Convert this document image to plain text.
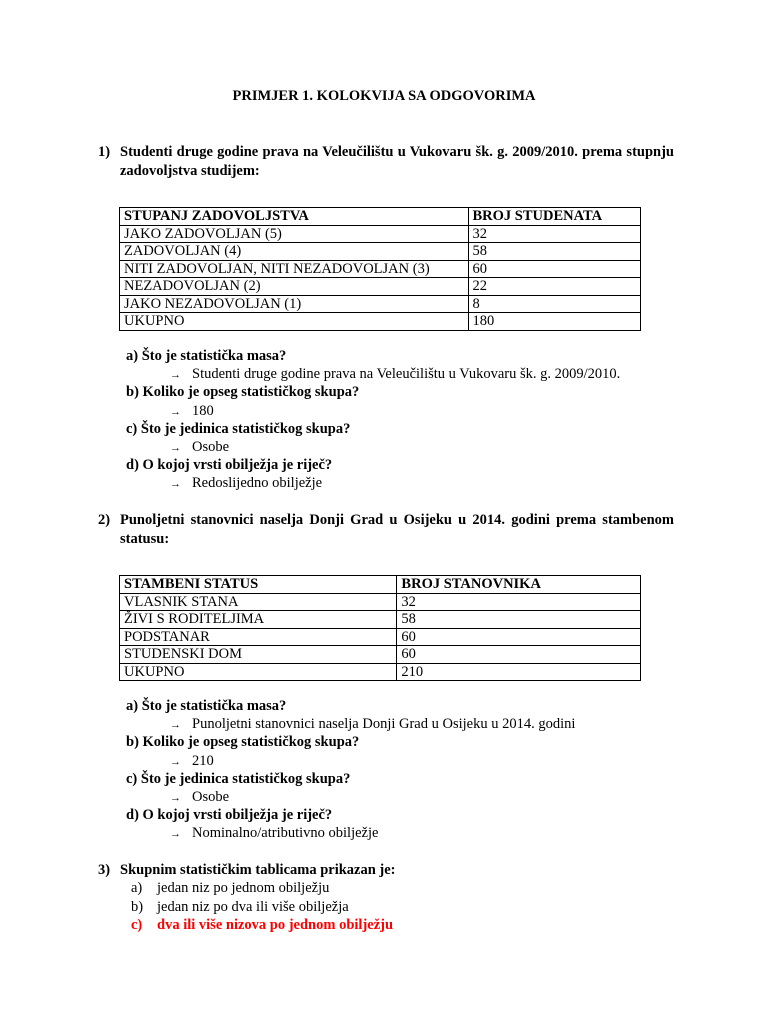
PRIMJER 1. KOLOKVIJA SA ODGOVORIMA
1) Studenti druge godine prava na Veleučilištu u Vukovaru šk. g. 2009/2010. prema stupnju zadovoljstva studijem:
STUPANJ ZADOVOLJSTVA	BROJ STUDENATA
JAKO ZADOVOLJAN (5)	32
ZADOVOLJAN (4)	58
NITI ZADOVOLJAN, NITI NEZADOVOLJAN (3)	60
NEZADOVOLJAN (2)	22
JAKO NEZADOVOLJAN (1)	8
UKUPNO	180
a) Što je statistička masa?
→ Studenti druge godine prava na Veleučilištu u Vukovaru šk. g. 2009/2010.
b) Koliko je opseg statističkog skupa?
→ 180
c) Što je jedinica statističkog skupa?
→ Osobe
d) O kojoj vrsti obilježja je riječ?
→ Redoslijedno obilježje
2) Punoljetni stanovnici naselja Donji Grad u Osijeku u 2014. godini prema stambenom statusu:
STAMBENI STATUS	BROJ STANOVNIKA
VLASNIK STANA	32
ŽIVI S RODITELJIMA	58
PODSTANAR	60
STUDENSKI DOM	60
UKUPNO	210
a) Što je statistička masa?
→ Punoljetni stanovnici naselja Donji Grad u Osijeku u 2014. godini
b) Koliko je opseg statističkog skupa?
→ 210
c) Što je jedinica statističkog skupa?
→ Osobe
d) O kojoj vrsti obilježja je riječ?
→ Nominalno/atributivno obilježje
3) Skupnim statističkim tablicama prikazan je:
a) jedan niz po jednom obilježju
b) jedan niz po dva ili više obilježja
c) dva ili više nizova po jednom obilježju
